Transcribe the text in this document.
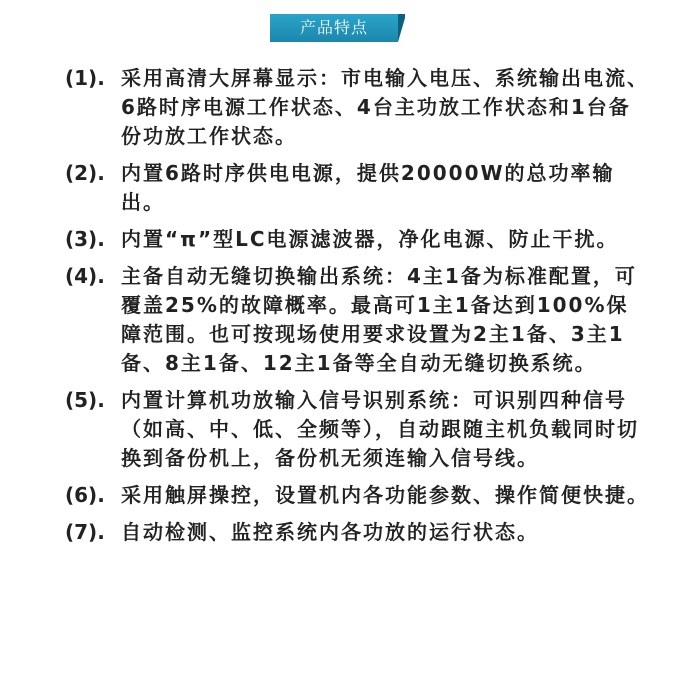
产品特点
(1). 采用高清大屏幕显示：市电输入电压、系统输出电流、6路时序电源工作状态、4台主功放工作状态和1台备份功放工作状态。
(2). 内置6路时序供电电源，提供20000W的总功率输出。
(3). 内置“π”型LC电源滤波器，净化电源、防止干扰。
(4). 主备自动无缝切换输出系统：4主1备为标准配置，可覆盖25%的故障概率。最高可1主1备达到100%保障范围。也可按现场使用要求设置为2主1备、3主1备、8主1备、12主1备等全自动无缝切换系统。
(5). 内置计算机功放输入信号识别系统：可识别四种信号（如高、中、低、全频等），自动跟随主机负载同时切换到备份机上，备份机无须连输入信号线。
(6). 采用触屏操控，设置机内各功能参数、操作简便快捷。
(7). 自动检测、监控系统内各功放的运行状态。
